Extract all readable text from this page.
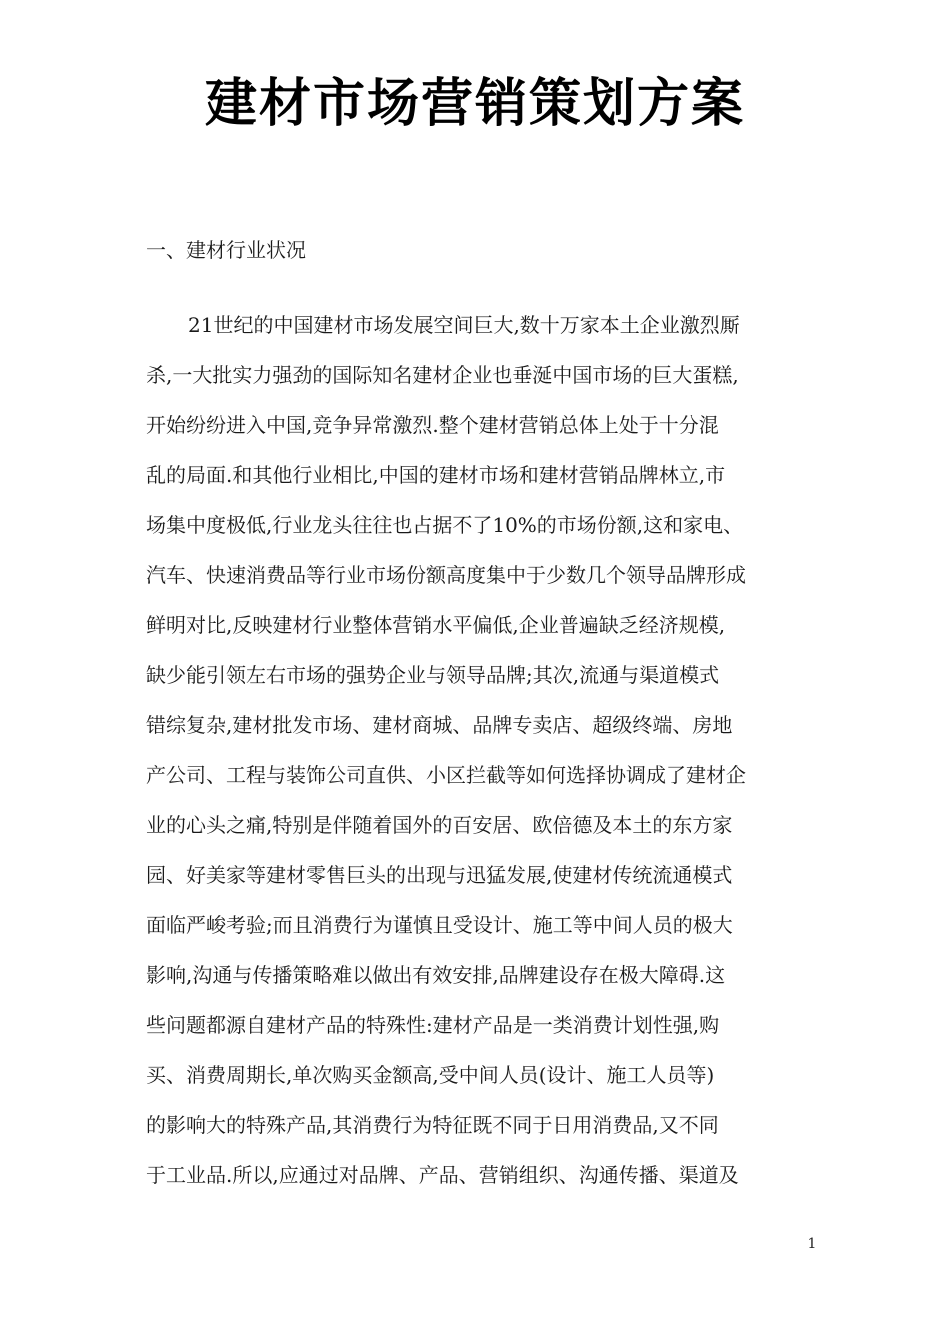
建材市场营销策划方案
一、建材行业状况
21世纪的中国建材市场发展空间巨大,数十万家本土企业激烈厮
杀,一大批实力强劲的国际知名建材企业也垂涎中国市场的巨大蛋糕,
开始纷纷进入中国,竞争异常激烈.整个建材营销总体上处于十分混
乱的局面.和其他行业相比,中国的建材市场和建材营销品牌林立,市
场集中度极低,行业龙头往往也占据不了10%的市场份额,这和家电、
汽车、快速消费品等行业市场份额高度集中于少数几个领导品牌形成
鲜明对比,反映建材行业整体营销水平偏低,企业普遍缺乏经济规模,
缺少能引领左右市场的强势企业与领导品牌;其次,流通与渠道模式
错综复杂,建材批发市场、建材商城、品牌专卖店、超级终端、房地
产公司、工程与装饰公司直供、小区拦截等如何选择协调成了建材企
业的心头之痛,特别是伴随着国外的百安居、欧倍德及本土的东方家
园、好美家等建材零售巨头的出现与迅猛发展,使建材传统流通模式
面临严峻考验;而且消费行为谨慎且受设计、施工等中间人员的极大
影响,沟通与传播策略难以做出有效安排,品牌建设存在极大障碍.这
些问题都源自建材产品的特殊性:建材产品是一类消费计划性强,购
买、消费周期长,单次购买金额高,受中间人员(设计、施工人员等)
的影响大的特殊产品,其消费行为特征既不同于日用消费品,又不同
于工业品.所以,应通过对品牌、产品、营销组织、沟通传播、渠道及
1
